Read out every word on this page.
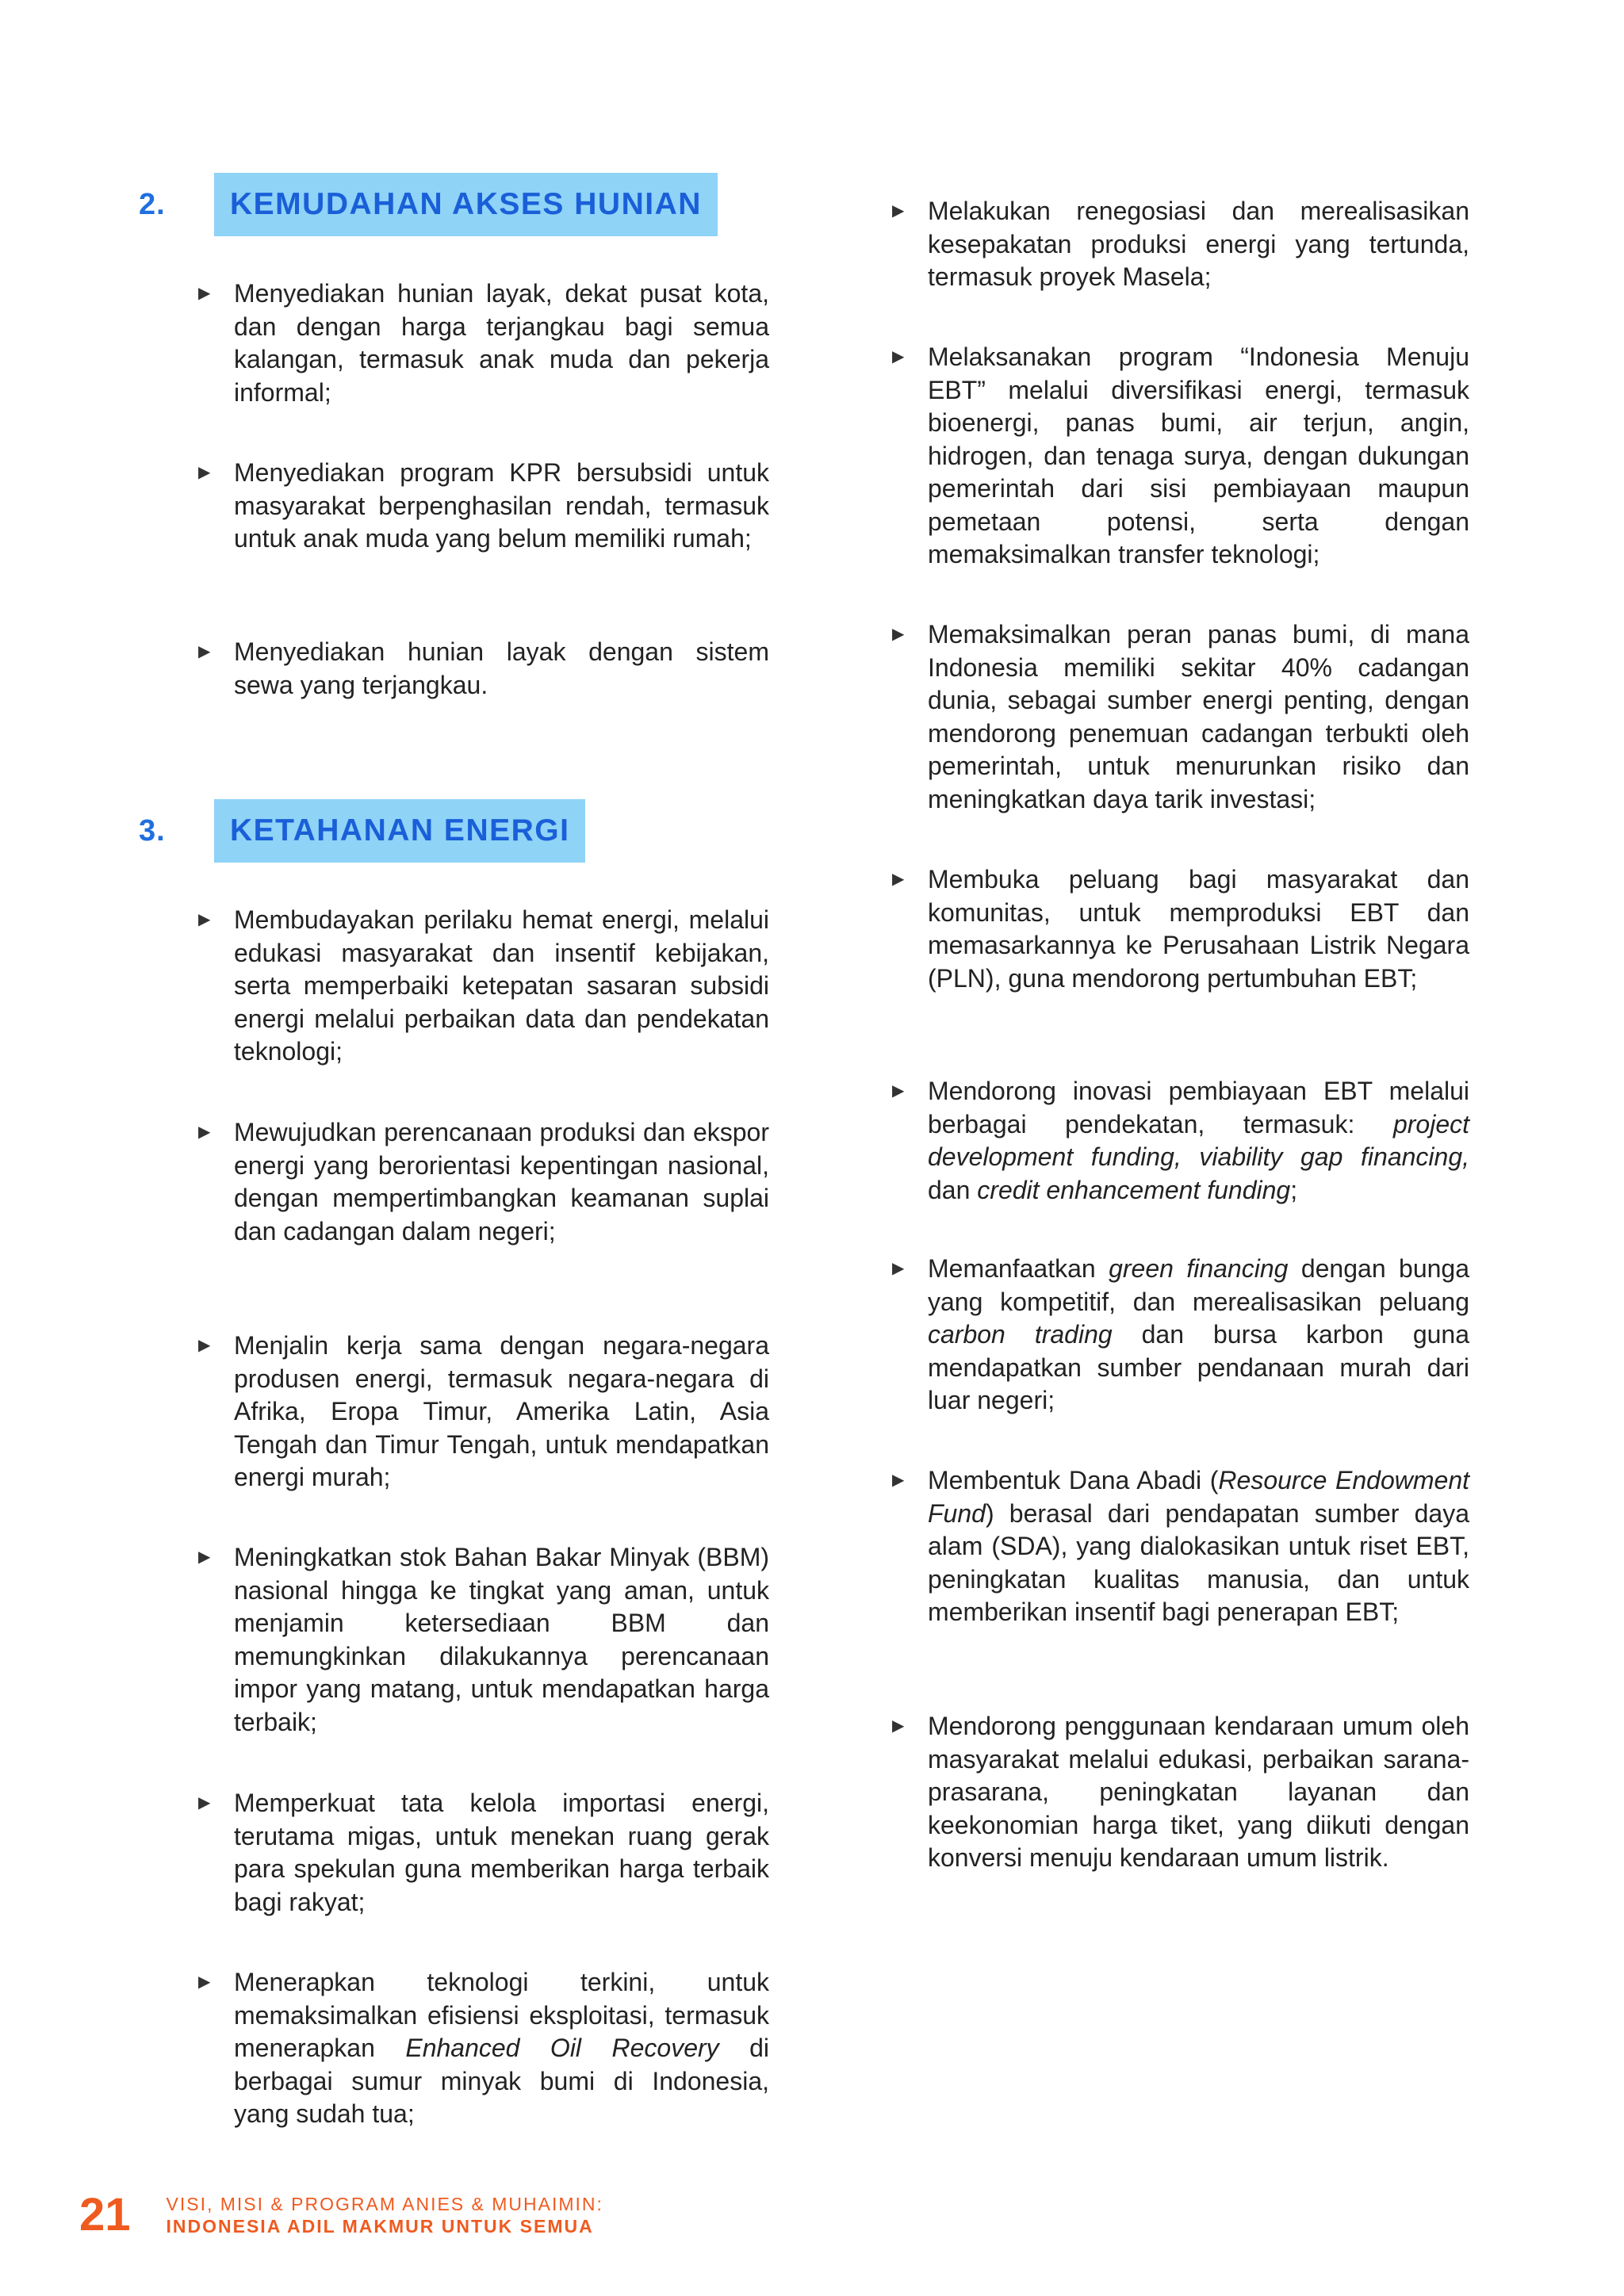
2.	KEMUDAHAN AKSES HUNIAN
▶ Menyediakan hunian layak, dekat pusat kota, dan dengan harga terjangkau bagi semua kalangan, termasuk anak muda dan pekerja informal;
▶ Menyediakan program KPR bersubsidi untuk masyarakat berpenghasilan rendah, termasuk untuk anak muda yang belum memiliki rumah;
▶ Menyediakan hunian layak dengan sistem sewa yang terjangkau.
3.	KETAHANAN ENERGI
▶ Membudayakan perilaku hemat energi, melalui edukasi masyarakat dan insentif kebijakan, serta memperbaiki ketepatan sasaran subsidi energi melalui perbaikan data dan pendekatan teknologi;
▶ Mewujudkan perencanaan produksi dan ekspor energi yang berorientasi kepentingan nasional, dengan mempertimbangkan keamanan suplai dan cadangan dalam negeri;
▶ Menjalin kerja sama dengan negara-negara produsen energi, termasuk negara-negara di Afrika, Eropa Timur, Amerika Latin, Asia Tengah dan Timur Tengah, untuk mendapatkan energi murah;
▶ Meningkatkan stok Bahan Bakar Minyak (BBM) nasional hingga ke tingkat yang aman, untuk menjamin ketersediaan BBM dan memungkinkan dilakukannya perencanaan impor yang matang, untuk mendapatkan harga terbaik;
▶ Memperkuat tata kelola importasi energi, terutama migas, untuk menekan ruang gerak para spekulan guna memberikan harga terbaik bagi rakyat;
▶ Menerapkan teknologi terkini, untuk memaksimalkan efisiensi eksploitasi, termasuk menerapkan Enhanced Oil Recovery di berbagai sumur minyak bumi di Indonesia, yang sudah tua;
▶ Melakukan renegosiasi dan merealisasikan kesepakatan produksi energi yang tertunda, termasuk proyek Masela;
▶ Melaksanakan program “Indonesia Menuju EBT” melalui diversifikasi energi, termasuk bioenergi, panas bumi, air terjun, angin, hidrogen, dan tenaga surya, dengan dukungan pemerintah dari sisi pembiayaan maupun pemetaan potensi, serta dengan memaksimalkan transfer teknologi;
▶ Memaksimalkan peran panas bumi, di mana Indonesia memiliki sekitar 40% cadangan dunia, sebagai sumber energi penting, dengan mendorong penemuan cadangan terbukti oleh pemerintah, untuk menurunkan risiko dan meningkatkan daya tarik investasi;
▶ Membuka peluang bagi masyarakat dan komunitas, untuk memproduksi EBT dan memasarkannya ke Perusahaan Listrik Negara (PLN), guna mendorong pertumbuhan EBT;
▶ Mendorong inovasi pembiayaan EBT melalui berbagai pendekatan, termasuk: project development funding, viability gap financing, dan credit enhancement funding;
▶ Memanfaatkan green financing dengan bunga yang kompetitif, dan merealisasikan peluang carbon trading dan bursa karbon guna mendapatkan sumber pendanaan murah dari luar negeri;
▶ Membentuk Dana Abadi (Resource Endowment Fund) berasal dari pendapatan sumber daya alam (SDA), yang dialokasikan untuk riset EBT, peningkatan kualitas manusia, dan untuk memberikan insentif bagi penerapan EBT;
▶ Mendorong penggunaan kendaraan umum oleh masyarakat melalui edukasi, perbaikan sarana-prasarana, peningkatan layanan dan keekonomian harga tiket, yang diikuti dengan konversi menuju kendaraan umum listrik.
21 VISI, MISI & PROGRAM ANIES & MUHAIMIN:
INDONESIA ADIL MAKMUR UNTUK SEMUA
